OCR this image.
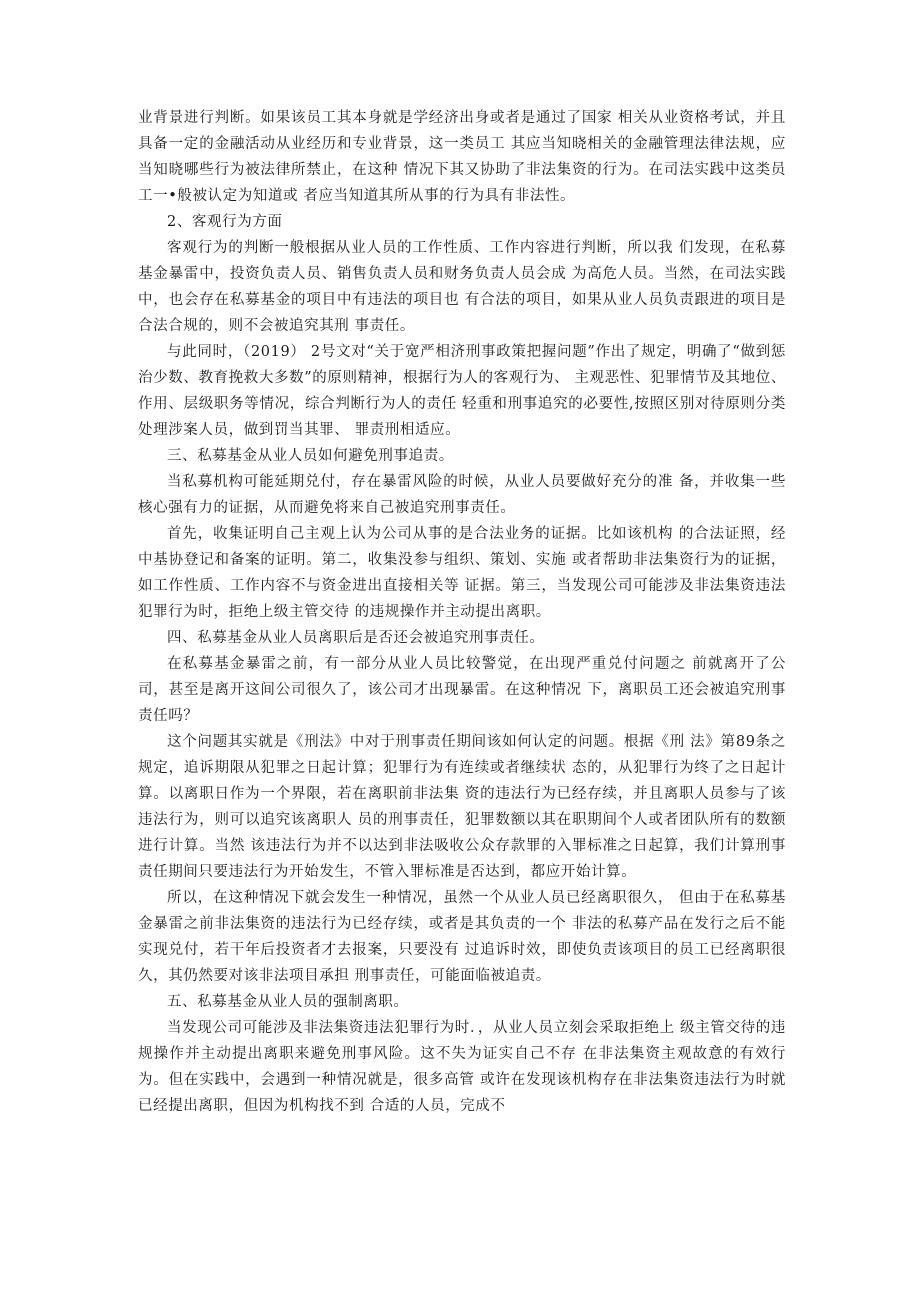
业背景进行判断。如果该员工其本身就是学经济出身或者是通过了国家 相关从业资格考试，并且具备一定的金融活动从业经历和专业背景，这一类员工 其应当知晓相关的金融管理法律法规，应当知晓哪些行为被法律所禁止，在这种 情况下其又协助了非法集资的行为。在司法实践中这类员工一•般被认定为知道或 者应当知道其所从事的行为具有非法性。

2、客观行为方面

客观行为的判断一般根据从业人员的工作性质、工作内容进行判断，所以我 们发现，在私募基金暴雷中，投资负责人员、销售负责人员和财务负责人员会成 为高危人员。当然，在司法实践中，也会存在私募基金的项目中有违法的项目也 有合法的项目，如果从业人员负责跟进的项目是合法合规的，则不会被追究其刑 事责任。

与此同时，（2019） 2号文对“关于宽严相济刑事政策把握问题”作出了规定，明确了“做到惩治少数、教育挽救大多数”的原则精神，根据行为人的客观行为、 主观恶性、犯罪情节及其地位、作用、层级职务等情况，综合判断行为人的责任 轻重和刑事追究的必要性,按照区别对待原则分类处理涉案人员，做到罚当其罪、 罪责刑相适应。

三、私募基金从业人员如何避免刑事追责。

当私募机构可能延期兑付，存在暴雷风险的时候，从业人员要做好充分的准 备，并收集一些核心强有力的证据，从而避免将来自己被追究刑事责任。

首先，收集证明自己主观上认为公司从事的是合法业务的证据。比如该机构 的合法证照，经中基协登记和备案的证明。第二，收集没参与组织、策划、实施 或者帮助非法集资行为的证据，如工作性质、工作内容不与资金进出直接相关等 证据。第三，当发现公司可能涉及非法集资违法犯罪行为时，拒绝上级主管交待 的违规操作并主动提出离职。

四、私募基金从业人员离职后是否还会被追究刑事责任。

在私募基金暴雷之前，有一部分从业人员比较警觉，在出现严重兑付问题之 前就离开了公司，甚至是离开这间公司很久了，该公司才出现暴雷。在这种情况 下，离职员工还会被追究刑事责任吗？

这个问题其实就是《刑法》中对于刑事责任期间该如何认定的问题。根据《刑 法》第89条之规定，追诉期限从犯罪之日起计算；犯罪行为有连续或者继续状 态的，从犯罪行为终了之日起计算。以离职日作为一个界限，若在离职前非法集 资的违法行为已经存续，并且离职人员参与了该违法行为，则可以追究该离职人 员的刑事责任，犯罪数额以其在职期间个人或者团队所有的数额进行计算。当然 该违法行为并不以达到非法吸收公众存款罪的入罪标准之日起算，我们计算刑事 责任期间只要违法行为开始发生，不管入罪标准是否达到，都应开始计算。

所以，在这种情况下就会发生一种情况，虽然一个从业人员已经离职很久， 但由于在私募基金暴雷之前非法集资的违法行为已经存续，或者是其负责的一个 非法的私募产品在发行之后不能实现兑付，若干年后投资者才去报案，只要没有 过追诉时效，即使负责该项目的员工已经离职很久，其仍然要对该非法项目承担 刑事责任，可能面临被追责。

五、私募基金从业人员的强制离职。

当发现公司可能涉及非法集资违法犯罪行为时．，从业人员立刻会采取拒绝上 级主管交待的违规操作并主动提出离职来避免刑事风险。这不失为证实自己不存 在非法集资主观故意的有效行为。但在实践中，会遇到一种情况就是，很多高管 或许在发现该机构存在非法集资违法行为时就已经提出离职，但因为机构找不到 合适的人员，完成不
